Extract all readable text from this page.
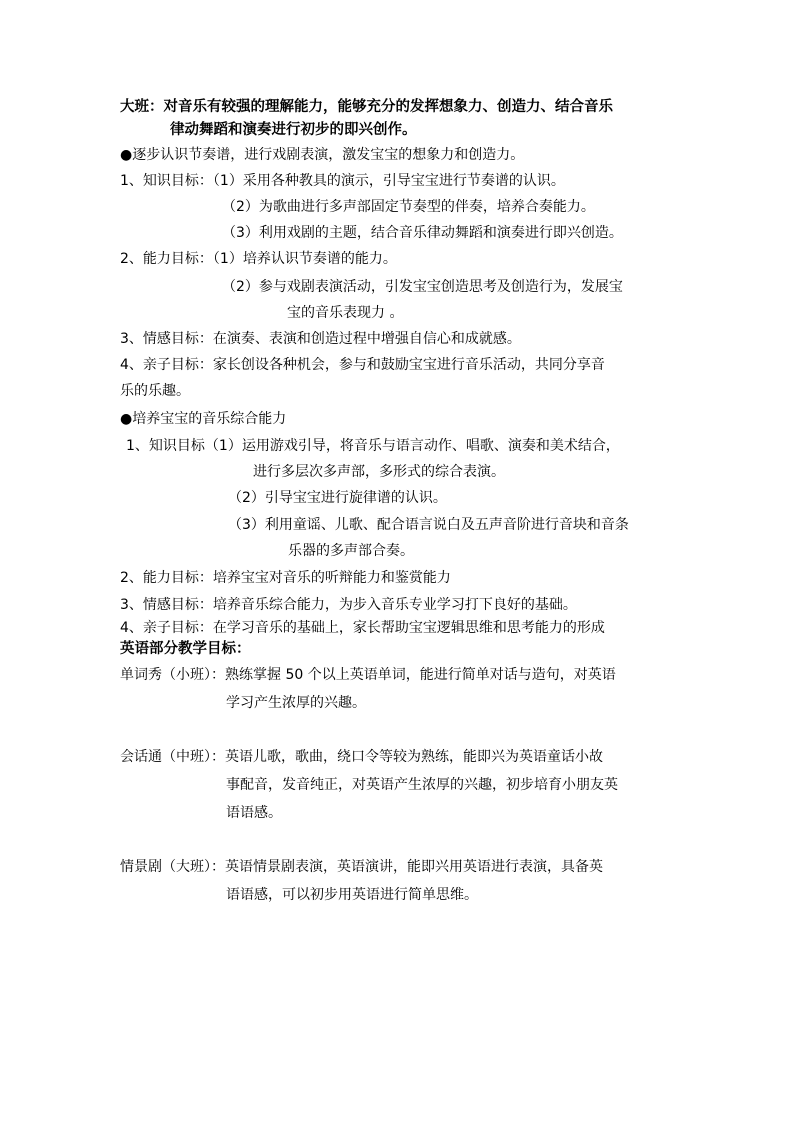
大班：对音乐有较强的理解能力，能够充分的发挥想象力、创造力、结合音乐
律动舞蹈和演奏进行初步的即兴创作。
●逐步认识节奏谱，进行戏剧表演，激发宝宝的想象力和创造力。
1、知识目标：（1）采用各种教具的演示，引导宝宝进行节奏谱的认识。
（2）为歌曲进行多声部固定节奏型的伴奏，培养合奏能力。
（3）利用戏剧的主题，结合音乐律动舞蹈和演奏进行即兴创造。
2、能力目标：（1）培养认识节奏谱的能力。
（2）参与戏剧表演活动，引发宝宝创造思考及创造行为，发展宝
宝的音乐表现力 。
3、情感目标：在演奏、表演和创造过程中增强自信心和成就感。
4、亲子目标：家长创设各种机会，参与和鼓励宝宝进行音乐活动，共同分享音
乐的乐趣。
●培养宝宝的音乐综合能力
1、知识目标（1）运用游戏引导，将音乐与语言动作、唱歌、演奏和美术结合，
进行多层次多声部，多形式的综合表演。
（2）引导宝宝进行旋律谱的认识。
（3）利用童谣、儿歌、配合语言说白及五声音阶进行音块和音条
乐器的多声部合奏。
2、能力目标：培养宝宝对音乐的听辩能力和鉴赏能力
3、情感目标：培养音乐综合能力，为步入音乐专业学习打下良好的基础。
4、亲子目标：在学习音乐的基础上，家长帮助宝宝逻辑思维和思考能力的形成
英语部分教学目标：
单词秀（小班）：熟练掌握 50 个以上英语单词，能进行简单对话与造句，对英语
学习产生浓厚的兴趣。
会话通（中班）：英语儿歌，歌曲，绕口令等较为熟练，能即兴为英语童话小故
事配音，发音纯正，对英语产生浓厚的兴趣，初步培育小朋友英
语语感。
情景剧（大班）：英语情景剧表演，英语演讲，能即兴用英语进行表演，具备英
语语感，可以初步用英语进行简单思维。
